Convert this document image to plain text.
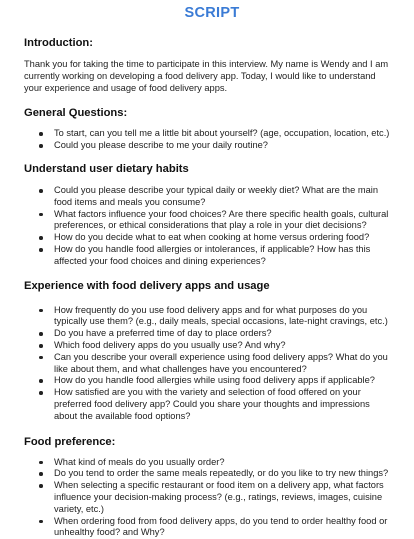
SCRIPT
Introduction:

Thank you for taking the time to participate in this interview. My name is Wendy and I am currently working on developing a food delivery app. Today, I would like to understand your experience and usage of food delivery apps.

General Questions:
To start, can you tell me a little bit about yourself? (age, occupation, location, etc.)
Could you please describe to me your daily routine?
Understand user dietary habits
Could you please describe your typical daily or weekly diet? What are the main food items and meals you consume?
What factors influence your food choices? Are there specific health goals, cultural preferences, or ethical considerations that play a role in your diet decisions?
How do you decide what to eat when cooking at home versus ordering food?
How do you handle food allergies or intolerances, if applicable? How has this affected your food choices and dining experiences?
Experience with food delivery apps and usage
How frequently do you use food delivery apps and for what purposes do you typically use them? (e.g., daily meals, special occasions, late-night cravings, etc.)
Do you have a preferred time of day to place orders?
Which food delivery apps do you usually use? And why?
Can you describe your overall experience using food delivery apps? What do you like about them, and what challenges have you encountered?
How do you handle food allergies while using food delivery apps if applicable?
How satisfied are you with the variety and selection of food offered on your preferred food delivery app? Could you share your thoughts and impressions about the available food options?
Food preference:
What kind of meals do you usually order?
Do you tend to order the same meals repeatedly, or do you like to try new things?
When selecting a specific restaurant or food item on a delivery app, what factors influence your decision-making process? (e.g., ratings, reviews, images, cuisine variety, etc.)
When ordering food from food delivery apps, do you tend to order healthy food or unhealthy food? and Why?
